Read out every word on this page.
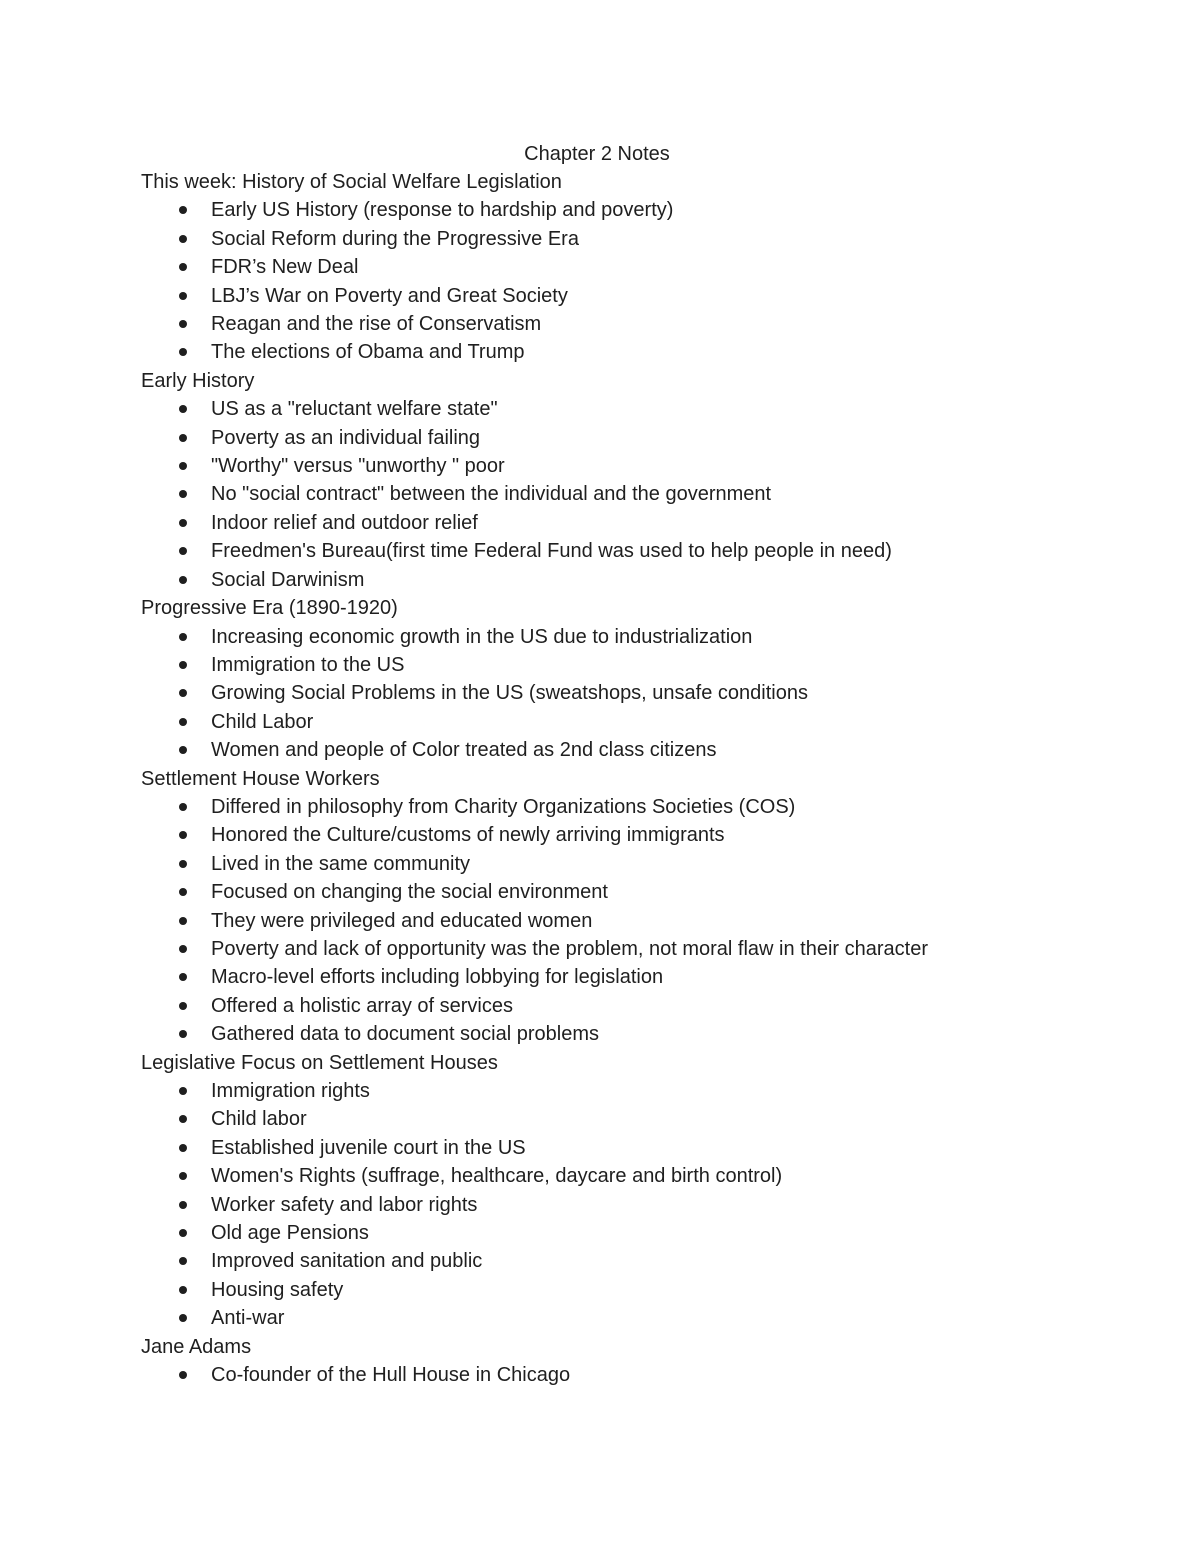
Chapter 2 Notes

This week: History of Social Welfare Legislation

Early US History (response to hardship and poverty)
Social Reform during the Progressive Era
FDR’s New Deal
LBJ’s War on Poverty and Great Society
Reagan and the rise of Conservatism
The elections of Obama and Trump

Early History

US as a "reluctant welfare state"
Poverty as an individual failing
"Worthy" versus "unworthy " poor
No "social contract" between the individual and the government
Indoor relief and outdoor relief
Freedmen's Bureau(first time Federal Fund was used to help people in need)
Social Darwinism

Progressive Era (1890-1920)

Increasing economic growth in the US due to industrialization
Immigration to the US
Growing Social Problems in the US (sweatshops, unsafe conditions
Child Labor
Women and people of Color treated as 2nd class citizens

Settlement House Workers

Differed in philosophy from Charity Organizations Societies (COS)
Honored the Culture/customs of newly arriving immigrants
Lived in the same community
Focused on changing the social environment
They were privileged and educated women
Poverty and lack of opportunity was the problem, not moral flaw in their character
Macro-level efforts including lobbying for legislation
Offered a holistic array of services
Gathered data to document social problems

Legislative Focus on Settlement Houses

Immigration rights
Child labor
Established juvenile court in the US
Women's Rights (suffrage, healthcare, daycare and birth control)
Worker safety and labor rights
Old age Pensions
Improved sanitation and public
Housing safety
Anti-war

Jane Adams

Co-founder of the Hull House in Chicago
